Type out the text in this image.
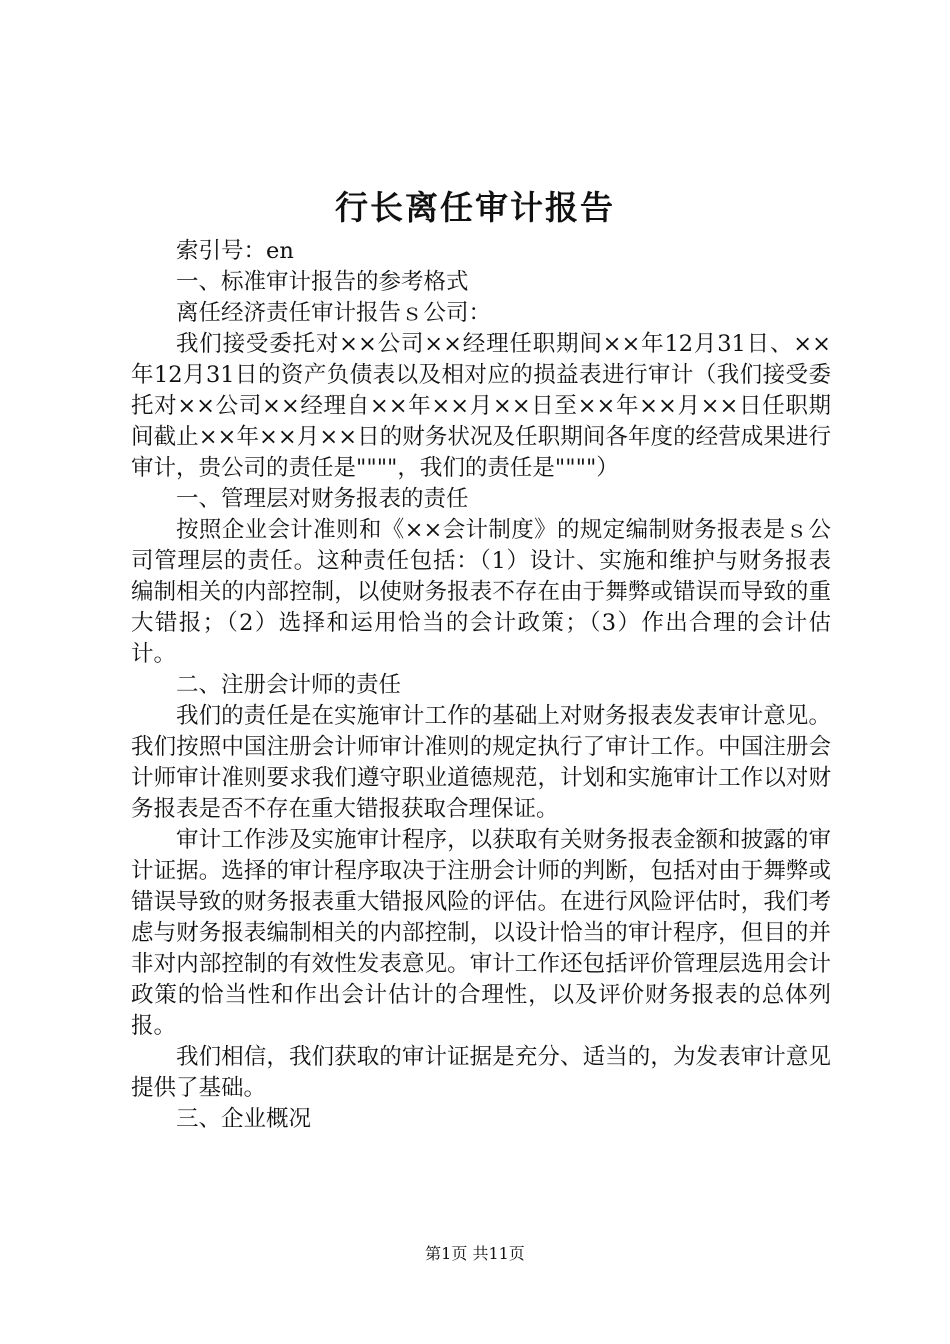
行长离任审计报告

索引号：en

一、标准审计报告的参考格式

离任经济责任审计报告ｓ公司：

我们接受委托对××公司××经理任职期间××年12月31日、××年12月31日的资产负债表以及相对应的损益表进行审计（我们接受委托对××公司××经理自××年××月××日至××年××月××日任职期间截止××年××月××日的财务状况及任职期间各年度的经营成果进行审计，贵公司的责任是""""，我们的责任是""""）

一、管理层对财务报表的责任

按照企业会计准则和《××会计制度》的规定编制财务报表是ｓ公司管理层的责任。这种责任包括：（1）设计、实施和维护与财务报表编制相关的内部控制，以使财务报表不存在由于舞弊或错误而导致的重大错报；（2）选择和运用恰当的会计政策；（3）作出合理的会计估计。

二、注册会计师的责任

我们的责任是在实施审计工作的基础上对财务报表发表审计意见。我们按照中国注册会计师审计准则的规定执行了审计工作。中国注册会计师审计准则要求我们遵守职业道德规范，计划和实施审计工作以对财务报表是否不存在重大错报获取合理保证。

审计工作涉及实施审计程序，以获取有关财务报表金额和披露的审计证据。选择的审计程序取决于注册会计师的判断，包括对由于舞弊或错误导致的财务报表重大错报风险的评估。在进行风险评估时，我们考虑与财务报表编制相关的内部控制，以设计恰当的审计程序，但目的并非对内部控制的有效性发表意见。审计工作还包括评价管理层选用会计政策的恰当性和作出会计估计的合理性，以及评价财务报表的总体列报。

我们相信，我们获取的审计证据是充分、适当的，为发表审计意见提供了基础。

三、企业概况

第1页 共11页
